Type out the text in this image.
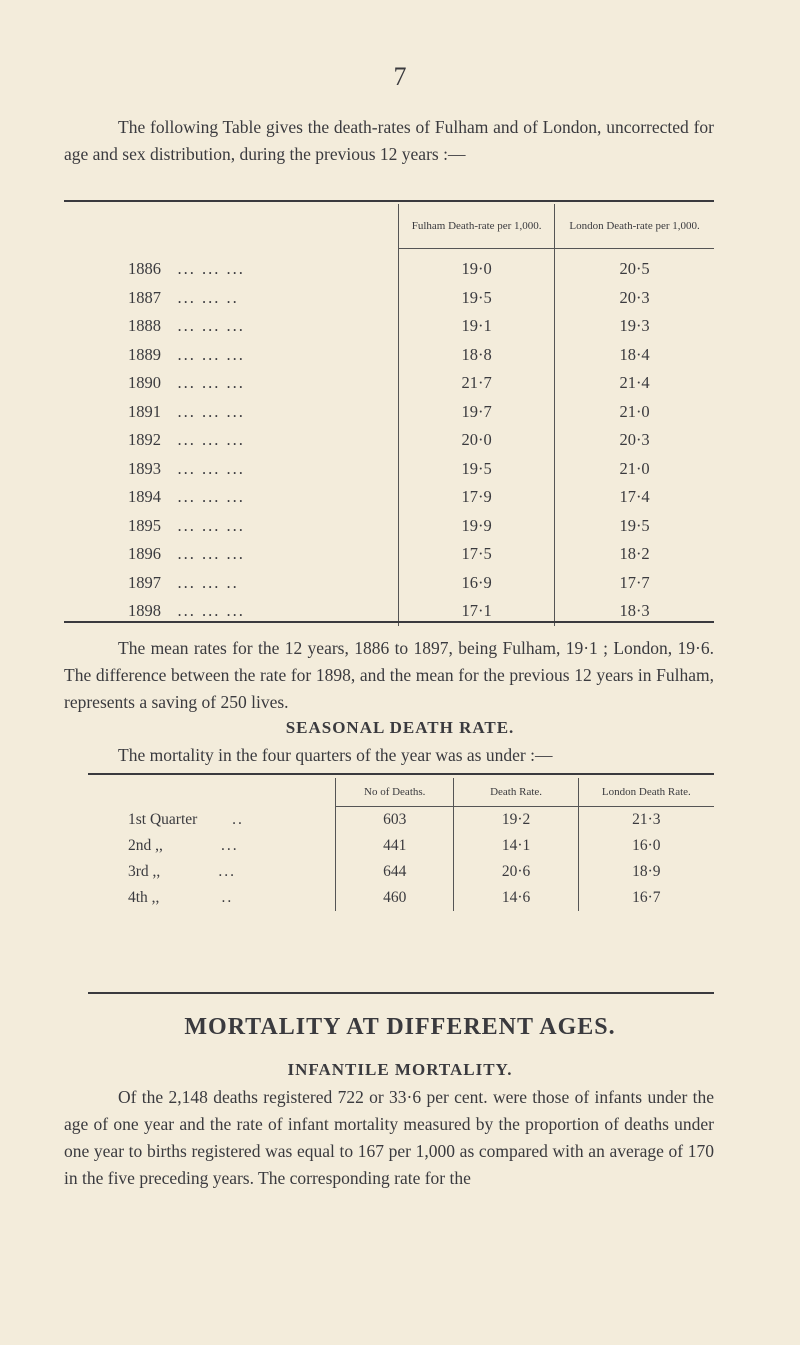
7

The following Table gives the death-rates of Fulham and of London, uncorrected for age and sex distribution, during the previous 12 years :—

	Fulham Death-rate per 1,000.	London Death-rate per 1,000.
1886 ... ... ...	19·0	20·5
1887 ... ... ..	19·5	20·3
1888 ... ... ...	19·1	19·3
1889 ... ... ...	18·8	18·4
1890 ... ... ...	21·7	21·4
1891 ... ... ...	19·7	21·0
1892 ... ... ...	20·0	20·3
1893 ... ... ...	19·5	21·0
1894 ... ... ...	17·9	17·4
1895 ... ... ...	19·9	19·5
1896 ... ... ...	17·5	18·2
1897 ... ... ..	16·9	17·7
1898 ... ... ...	17·1	18·3

The mean rates for the 12 years, 1886 to 1897, being Fulham, 19·1 ; London, 19·6. The difference between the rate for 1898, and the mean for the previous 12 years in Fulham, represents a saving of 250 lives.

SEASONAL DEATH RATE.

The mortality in the four quarters of the year was as under :—

	No of Deaths.	Death Rate.	London Death Rate.
1st Quarter ..	603	19·2	21·3
2nd ,, ...	441	14·1	16·0
3rd ,, ...	644	20·6	18·9
4th ,, ..	460	14·6	16·7
MORTALITY AT DIFFERENT AGES.
INFANTILE MORTALITY.

Of the 2,148 deaths registered 722 or 33·6 per cent. were those of infants under the age of one year and the rate of infant mortality measured by the proportion of deaths under one year to births registered was equal to 167 per 1,000 as compared with an average of 170 in the five preceding years. The corresponding rate for the
